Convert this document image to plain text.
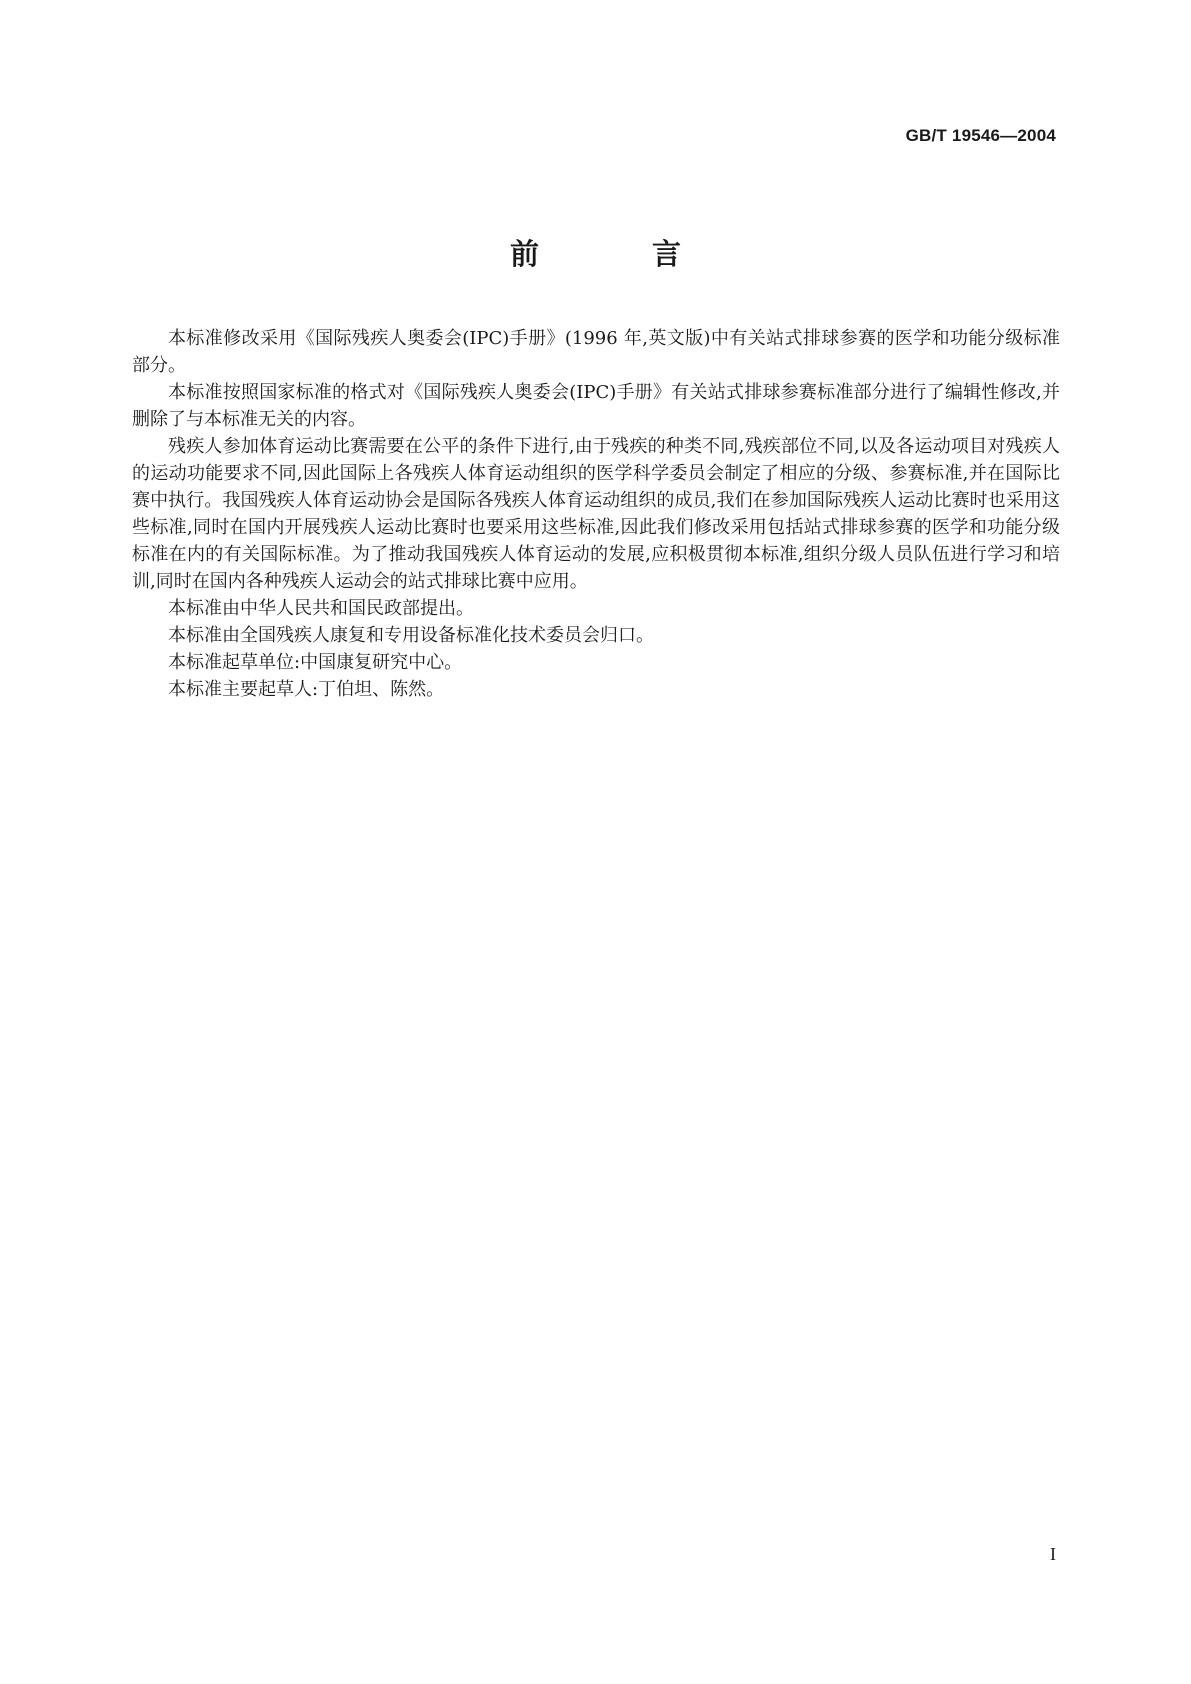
GB/T 19546—2004
前　言

本标准修改采用《国际残疾人奥委会(IPC)手册》(1996 年,英文版)中有关站式排球参赛的医学和功能分级标准部分。

本标准按照国家标准的格式对《国际残疾人奥委会(IPC)手册》有关站式排球参赛标准部分进行了编辑性修改,并删除了与本标准无关的内容。

残疾人参加体育运动比赛需要在公平的条件下进行,由于残疾的种类不同,残疾部位不同,以及各运动项目对残疾人的运动功能要求不同,因此国际上各残疾人体育运动组织的医学科学委员会制定了相应的分级、参赛标准,并在国际比赛中执行。我国残疾人体育运动协会是国际各残疾人体育运动组织的成员,我们在参加国际残疾人运动比赛时也采用这些标准,同时在国内开展残疾人运动比赛时也要采用这些标准,因此我们修改采用包括站式排球参赛的医学和功能分级标准在内的有关国际标准。为了推动我国残疾人体育运动的发展,应积极贯彻本标准,组织分级人员队伍进行学习和培训,同时在国内各种残疾人运动会的站式排球比赛中应用。

本标准由中华人民共和国民政部提出。

本标准由全国残疾人康复和专用设备标准化技术委员会归口。

本标准起草单位:中国康复研究中心。

本标准主要起草人:丁伯坦、陈然。

I
